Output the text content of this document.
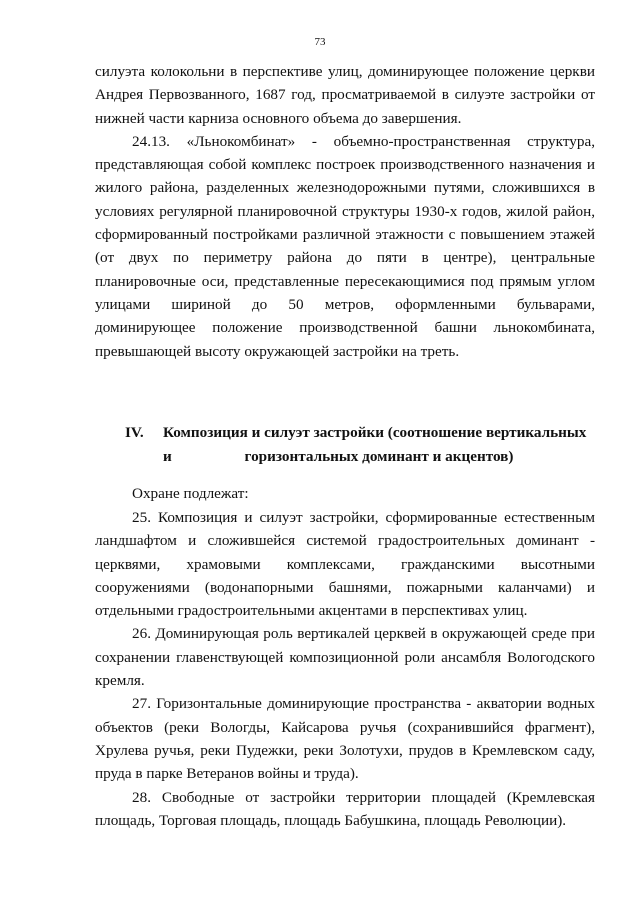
73

силуэта колокольни в перспективе улиц, доминирующее положение церкви Андрея Первозванного, 1687 год, просматриваемой в силуэте застройки от нижней части карниза основного объема до завершения.

24.13. «Льнокомбинат» - объемно-пространственная структура, представляющая собой комплекс построек производственного назначения и жилого района, разделенных железнодорожными путями, сложившихся в условиях регулярной планировочной структуры 1930-х годов, жилой район, сформированный постройками различной этажности с повышением этажей (от двух по периметру района до пяти в центре), центральные планировочные оси, представленные пересекающимися под прямым углом улицами шириной до 50 метров, оформленными бульварами, доминирующее положение производственной башни льнокомбината, превышающей высоту окружающей застройки на треть.

IV. Композиция и силуэт застройки (соотношение вертикальных и	горизонтальных доминант и акцентов)
Охране подлежат:

25. Композиция и силуэт застройки, сформированные естественным ландшафтом и сложившейся системой градостроительных доминант - церквями, храмовыми комплексами, гражданскими высотными сооружениями (водонапорными башнями, пожарными каланчами) и отдельными градостроительными акцентами в перспективах улиц.

26. Доминирующая роль вертикалей церквей в окружающей среде при сохранении главенствующей композиционной роли ансамбля Вологодского кремля.

27. Горизонтальные доминирующие пространства - акватории водных объектов (реки Вологды, Кайсарова ручья (сохранившийся фрагмент), Хрулева ручья, реки Пудежки, реки Золотухи, прудов в Кремлевском саду, пруда в парке Ветеранов войны и труда).

28. Свободные от застройки территории площадей (Кремлевская площадь, Торговая площадь, площадь Бабушкина, площадь Революции).
